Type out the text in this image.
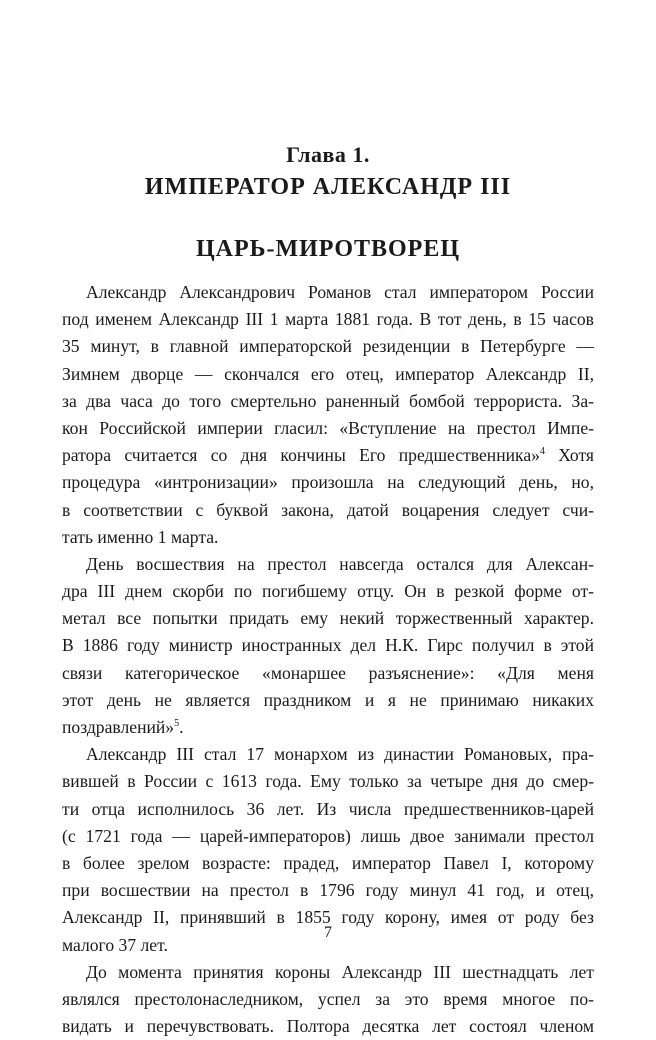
Глава 1.
ИМПЕРАТОР АЛЕКСАНДР III
ЦАРЬ-МИРОТВОРЕЦ
Александр Александрович Романов стал императором России
под именем Александр III 1 марта 1881 года. В тот день, в 15 часов
35 минут, в главной императорской резиденции в Петербурге —
Зимнем дворце — скончался его отец, император Александр II,
за два часа до того смертельно раненный бомбой террориста. За-
кон Российской империи гласил: «Вступление на престол Импе-
ратора считается со дня кончины Его предшественника»$^4$ Хотя
процедура «интронизации» произошла на следующий день, но,
в соответствии с буквой закона, датой воцарения следует счи-
тать именно 1 марта.
День восшествия на престол навсегда остался для Алексан-
дра III днем скорби по погибшему отцу. Он в резкой форме от-
метал все попытки придать ему некий торжественный характер.
В 1886 году министр иностранных дел Н.К. Гирс получил в этой
связи категорическое «монаршее разъяснение»: «Для меня
этот день не является праздником и я не принимаю никаких
поздравлений»$^5$.
Александр III стал 17 монархом из династии Романовых, пра-
вившей в России с 1613 года. Ему только за четыре дня до смер-
ти отца исполнилось 36 лет. Из числа предшественников-царей
(с 1721 года — царей-императоров) лишь двое занимали престол
в более зрелом возрасте: прадед, император Павел I, которому
при восшествии на престол в 1796 году минул 41 год, и отец,
Александр II, принявший в 1855 году корону, имея от роду без
малого 37 лет.
До момента принятия короны Александр III шестнадцать лет
являлся престолонаследником, успел за это время многое по-
видать и перечувствовать. Полтора десятка лет состоял членом
7
